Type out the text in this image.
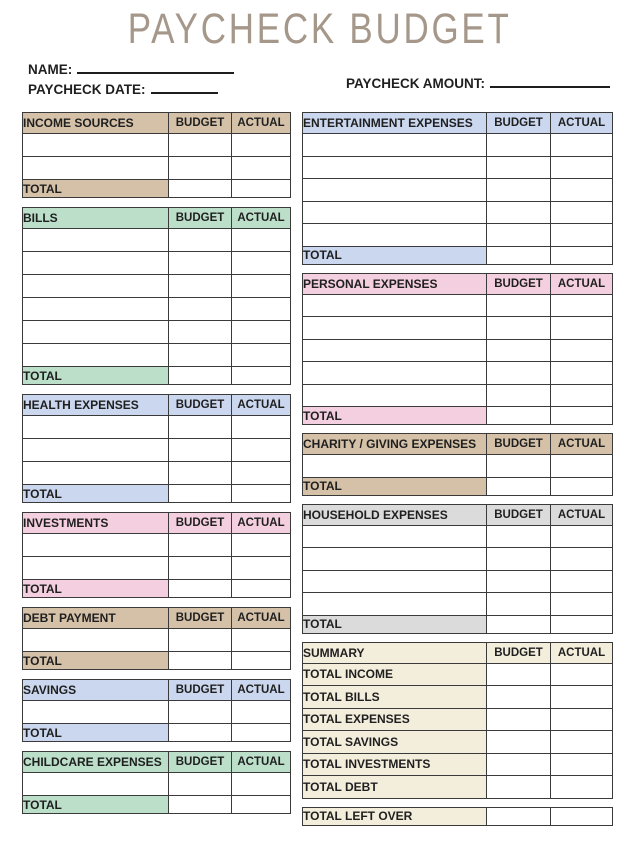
PAYCHECK BUDGET
NAME:
PAYCHECK DATE:	PAYCHECK AMOUNT:
INCOME SOURCES	BUDGET	ACTUAL

TOTAL		
BILLS	BUDGET	ACTUAL

TOTAL		
HEALTH EXPENSES	BUDGET	ACTUAL

TOTAL		
INVESTMENTS	BUDGET	ACTUAL

TOTAL		
DEBT PAYMENT	BUDGET	ACTUAL

TOTAL		
SAVINGS	BUDGET	ACTUAL

TOTAL		
CHILDCARE EXPENSES	BUDGET	ACTUAL

TOTAL		
ENTERTAINMENT EXPENSES	BUDGET	ACTUAL

TOTAL		
PERSONAL EXPENSES	BUDGET	ACTUAL

TOTAL		
CHARITY / GIVING EXPENSES	BUDGET	ACTUAL

TOTAL		
HOUSEHOLD EXPENSES	BUDGET	ACTUAL

TOTAL		
SUMMARY	BUDGET	ACTUAL
TOTAL INCOME		
TOTAL BILLS		
TOTAL EXPENSES		
TOTAL SAVINGS		
TOTAL INVESTMENTS		
TOTAL DEBT		
TOTAL LEFT OVER		
